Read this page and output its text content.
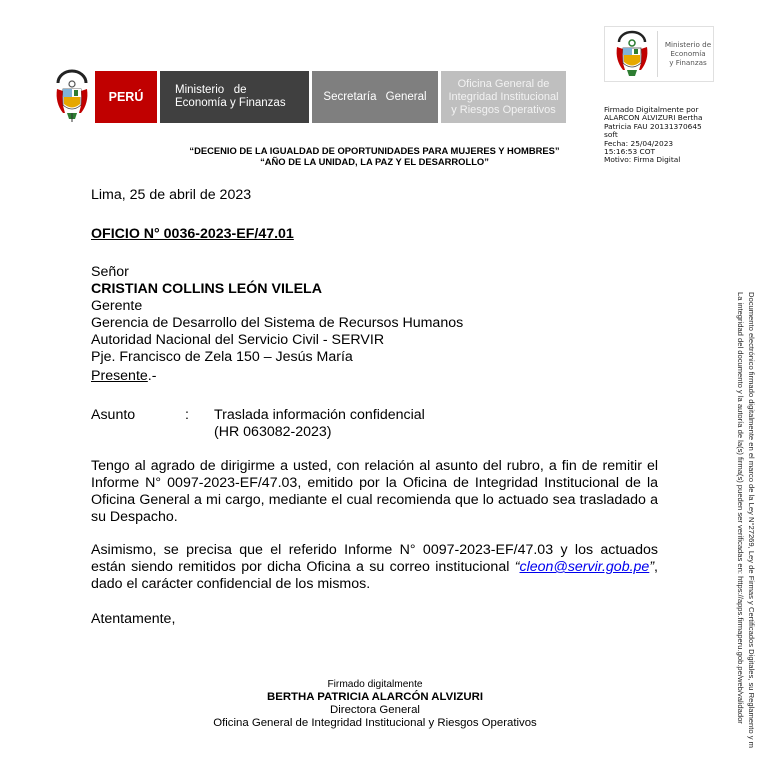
PERÚ	Ministerio   de
Economía y Finanzas
Secretaría General
Oficina General de
Integridad Institucional
y Riesgos Operativos
Ministerio de
Economía
y Finanzas
Firmado Digitalmente por
ALARCON ALVIZURI Bertha
Patricia FAU 20131370645
soft
Fecha: 25/04/2023
15:16:53 COT
Motivo: Firma Digital
“DECENIO DE LA IGUALDAD DE OPORTUNIDADES PARA MUJERES Y HOMBRES”
“AÑO DE LA UNIDAD, LA PAZ Y EL DESARROLLO”
Lima, 25 de abril de 2023
OFICIO N° 0036-2023-EF/47.01
Señor
CRISTIAN COLLINS LEÓN VILELA
Gerente
Gerencia de Desarrollo del Sistema de Recursos Humanos
Autoridad Nacional del Servicio Civil - SERVIR
Pje. Francisco de Zela 150 – Jesús María
Presente.-
Asunto	: Traslada información confidencial
(HR 063082-2023)
Tengo al agrado de dirigirme a usted, con relación al asunto del rubro, a fin de remitir el Informe N° 0097-2023-EF/47.03, emitido por la Oficina de Integridad Institucional de la Oficina General a mi cargo, mediante el cual recomienda que lo actuado sea trasladado a su Despacho.
Asimismo, se precisa que el referido Informe N° 0097-2023-EF/47.03 y los actuados están siendo remitidos por dicha Oficina a su correo institucional “cleon@servir.gob.pe”, dado el carácter confidencial de los mismos.
Atentamente,
Firmado digitalmente
BERTHA PATRICIA ALARCÓN ALVIZURI
Directora General
Oficina General de Integridad Institucional y Riesgos Operativos	Documento electrónico firmado digitalmente en el marco de la Ley N°27269, Ley de Firmas y Certificados Digitales, su Reglamento y m
La integridad del documento y la autoría de la(s) firma(s) pueden ser verificadas en: https://apps.firmaperu.gob.pe/web/validador
